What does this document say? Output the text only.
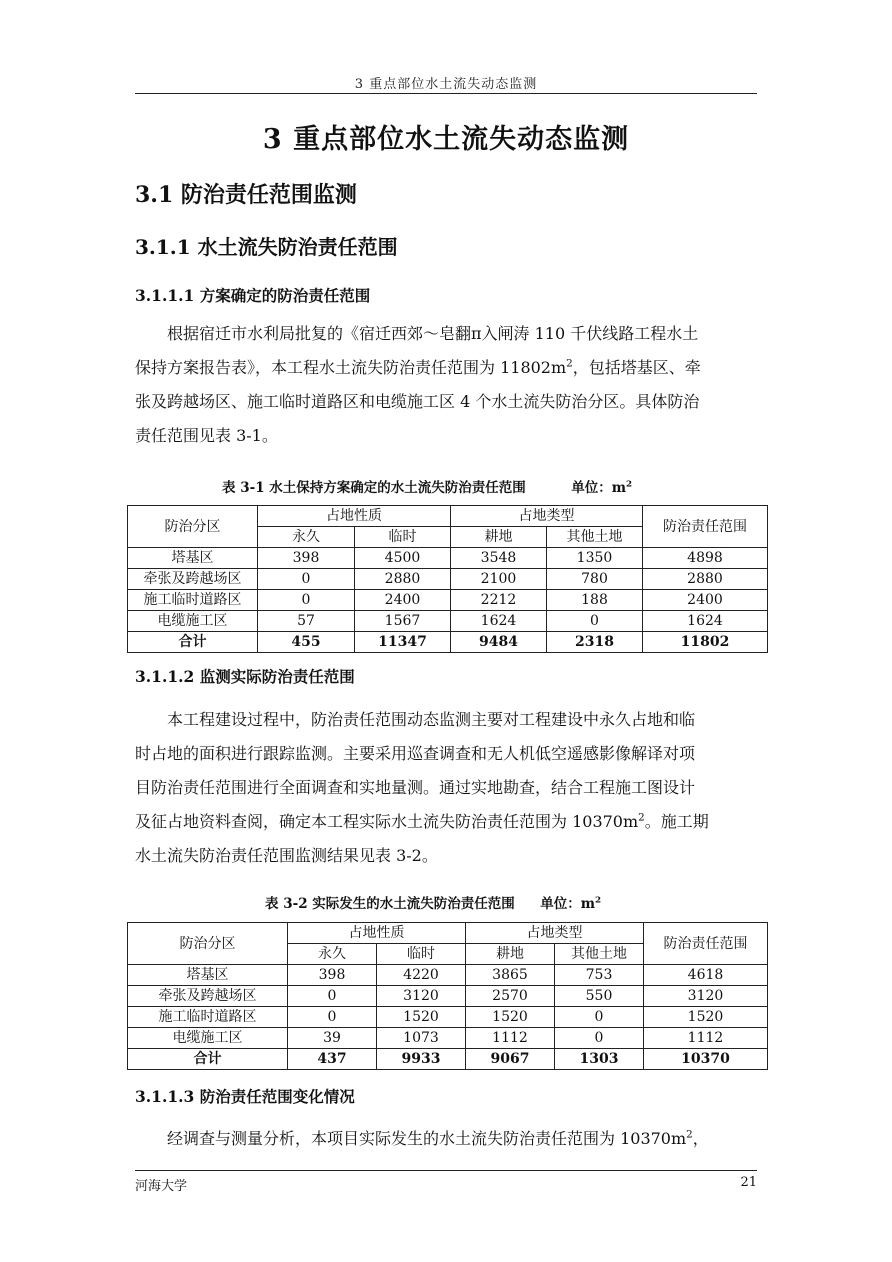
3 重点部位水土流失动态监测
3 重点部位水土流失动态监测
3.1 防治责任范围监测
3.1.1 水土流失防治责任范围
3.1.1.1 方案确定的防治责任范围
根据宿迁市水利局批复的《宿迁西郊～皂翻π入闸涛 110 千伏线路工程水土
保持方案报告表》，本工程水土流失防治责任范围为 $11802m^2$，包括塔基区、牵
张及跨越场区、施工临时道路区和电缆施工区 4 个水土流失防治分区。具体防治
责任范围见表 3-1。
表 3-1 水土保持方案确定的水土流失防治责任范围	单位：$m^2$
防治分区	占地性质		占地类型		防治责任范围
	永久	临时	耕地	其他土地	
塔基区	398	4500	3548	1350	4898
牵张及跨越场区	0	2880	2100	780	2880
施工临时道路区	0	2400	2212	188	2400
电缆施工区	57	1567	1624	0	1624
合计	455	11347	9484	2318	11802
3.1.1.2 监测实际防治责任范围
本工程建设过程中，防治责任范围动态监测主要对工程建设中永久占地和临
时占地的面积进行跟踪监测。主要采用巡查调查和无人机低空遥感影像解译对项
目防治责任范围进行全面调查和实地量测。通过实地勘查，结合工程施工图设计
及征占地资料查阅，确定本工程实际水土流失防治责任范围为 $10370m^2$。施工期
水土流失防治责任范围监测结果见表 3-2。
表 3-2 实际发生的水土流失防治责任范围 单位：$m^2$
防治分区	占地性质		占地类型		防治责任范围
	永久	临时	耕地	其他土地	
塔基区	398	4220	3865	753	4618
牵张及跨越场区	0	3120	2570	550	3120
施工临时道路区	0	1520	1520	0	1520
电缆施工区	39	1073	1112	0	1112
合计	437	9933	9067	1303	10370
3.1.1.3 防治责任范围变化情况
经调查与测量分析，本项目实际发生的水土流失防治责任范围为 $10370m^2$，
河海大学	21
